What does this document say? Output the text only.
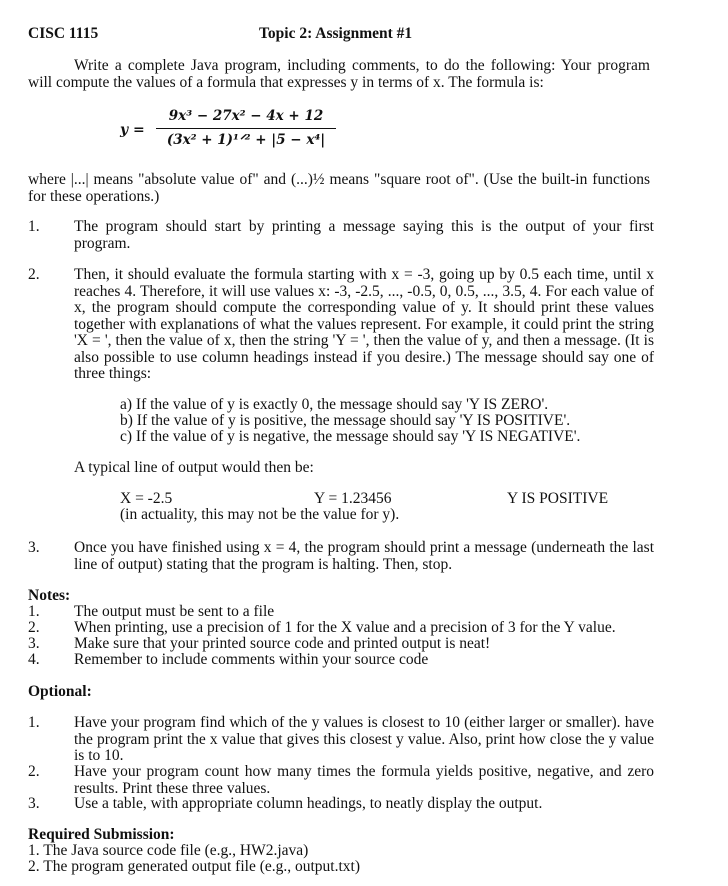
CISC 1115	Topic 2: Assignment #1
Write a complete Java program, including comments, to do the following: Your program will compute the values of a formula that expresses y in terms of x. The formula is:
y =
9x³ − 27x² − 4x + 12
(3x² + 1)¹ᐟ² + |5 − x⁴|
where |...| means "absolute value of" and (...)½ means "square root of". (Use the built-in functions for these operations.)
1. The program should start by printing a message saying this is the output of your first program.
2. Then, it should evaluate the formula starting with x = -3, going up by 0.5 each time, until x reaches 4. Therefore, it will use values x: -3, -2.5, ..., -0.5, 0, 0.5, ..., 3.5, 4. For each value of x, the program should compute the corresponding value of y. It should print these values together with explanations of what the values represent. For example, it could print the string 'X = ', then the value of x, then the string 'Y = ', then the value of y, and then a message. (It is also possible to use column headings instead if you desire.) The message should say one of three things:
a) If the value of y is exactly 0, the message should say 'Y IS ZERO'.
b) If the value of y is positive, the message should say 'Y IS POSITIVE'.
c) If the value of y is negative, the message should say 'Y IS NEGATIVE'.
A typical line of output would then be:
X = -2.5	Y = 1.23456	Y IS POSITIVE
(in actuality, this may not be the value for y).
3. Once you have finished using x = 4, the program should print a message (underneath the last line of output) stating that the program is halting. Then, stop.
Notes:
1. The output must be sent to a file
2. When printing, use a precision of 1 for the X value and a precision of 3 for the Y value.
3. Make sure that your printed source code and printed output is neat!
4. Remember to include comments within your source code
Optional:
1. Have your program find which of the y values is closest to 10 (either larger or smaller). have the program print the x value that gives this closest y value. Also, print how close the y value is to 10.
2. Have your program count how many times the formula yields positive, negative, and zero results. Print these three values.
3. Use a table, with appropriate column headings, to neatly display the output.
Required Submission:
1. The Java source code file (e.g., HW2.java)
2. The program generated output file (e.g., output.txt)
